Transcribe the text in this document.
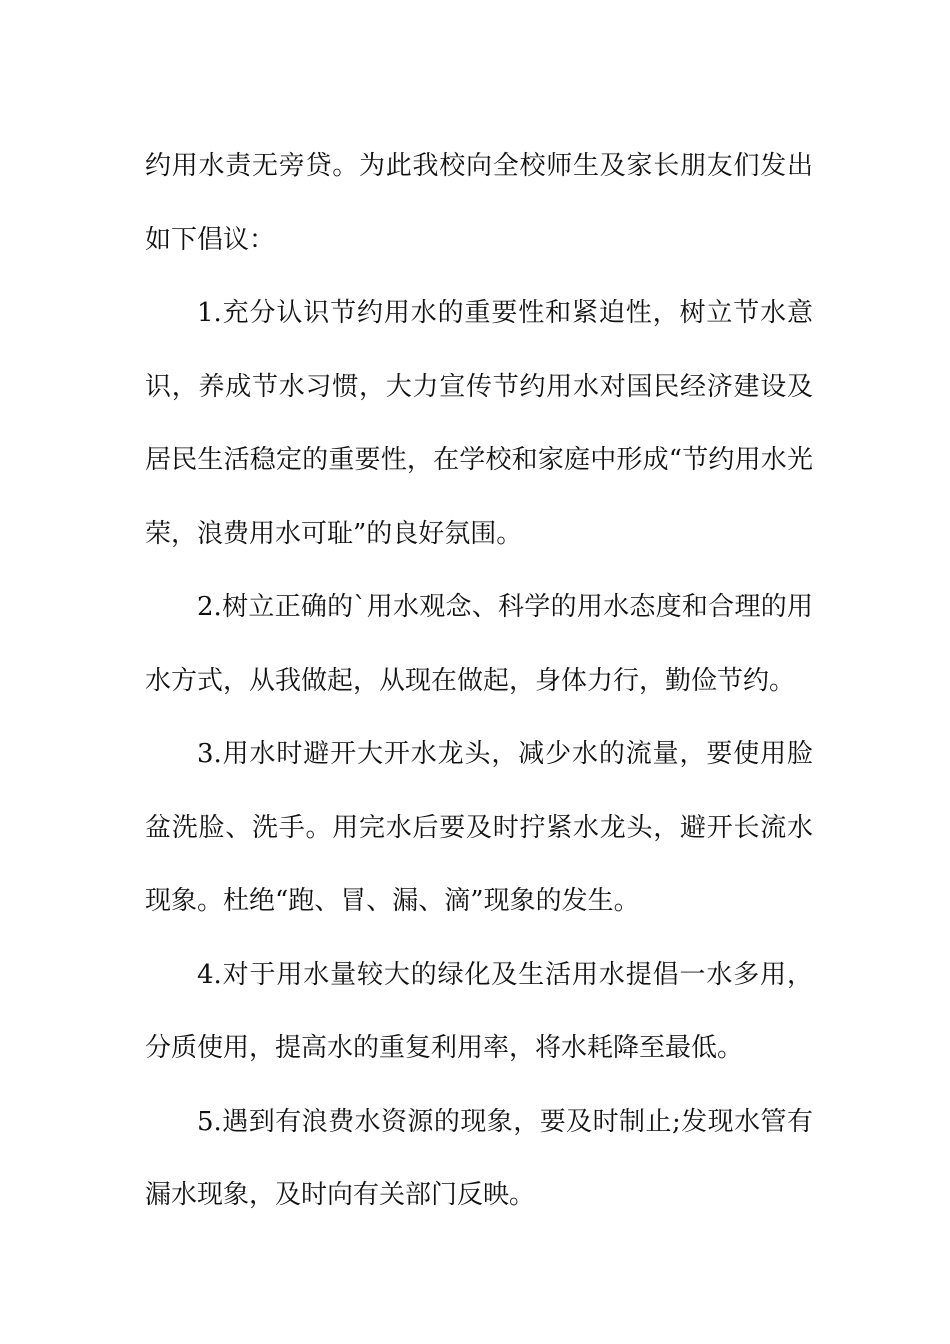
约用水责无旁贷。为此我校向全校师生及家长朋友们发出如下倡议：

1.充分认识节约用水的重要性和紧迫性，树立节水意识，养成节水习惯，大力宣传节约用水对国民经济建设及居民生活稳定的重要性，在学校和家庭中形成“节约用水光荣，浪费用水可耻”的良好氛围。

2.树立正确的`用水观念、科学的用水态度和合理的用水方式，从我做起，从现在做起，身体力行，勤俭节约。

3.用水时避开大开水龙头，减少水的流量，要使用脸盆洗脸、洗手。用完水后要及时拧紧水龙头，避开长流水现象。杜绝“跑、冒、漏、滴”现象的发生。

4.对于用水量较大的绿化及生活用水提倡一水多用，分质使用，提高水的重复利用率，将水耗降至最低。

5.遇到有浪费水资源的现象，要及时制止;发现水管有漏水现象，及时向有关部门反映。
